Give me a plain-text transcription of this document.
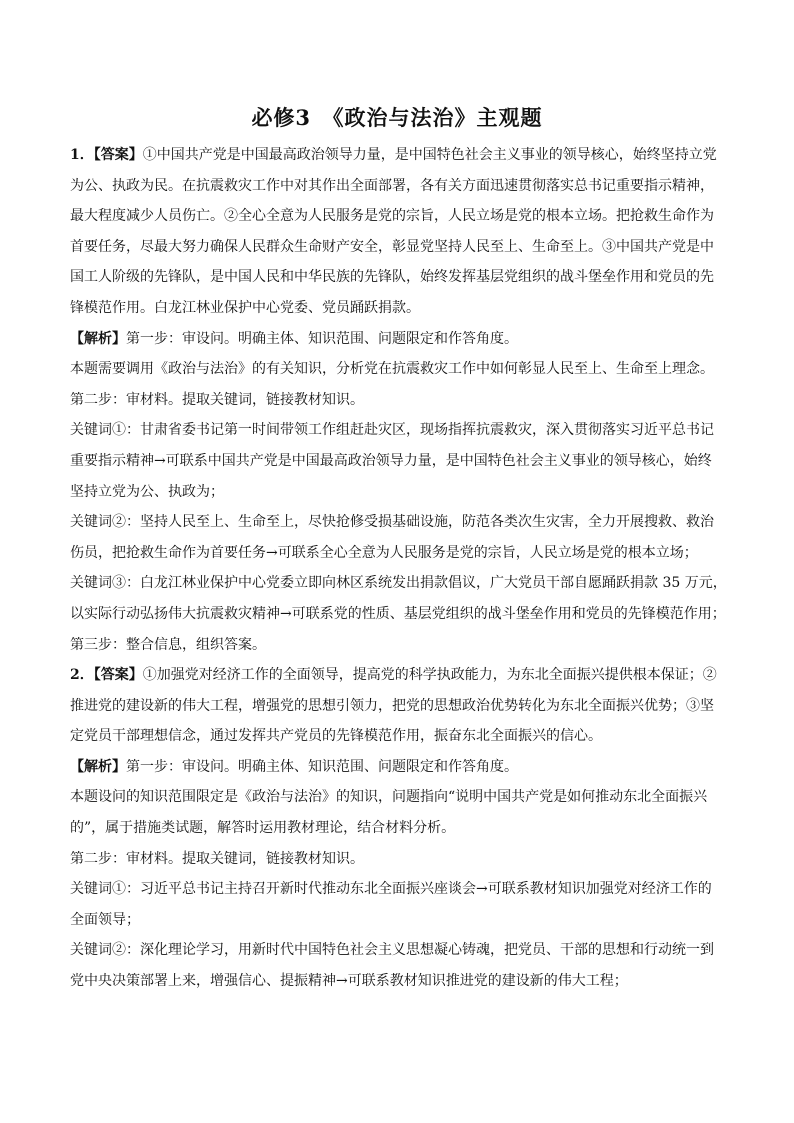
必修3　《政治与法治》主观题

1．【答案】①中国共产党是中国最高政治领导力量，是中国特色社会主义事业的领导核心，始终坚持立党

为公、执政为民。在抗震救灾工作中对其作出全面部署，各有关方面迅速贯彻落实总书记重要指示精神，

最大程度减少人员伤亡。②全心全意为人民服务是党的宗旨，人民立场是党的根本立场。把抢救生命作为

首要任务，尽最大努力确保人民群众生命财产安全，彰显党坚持人民至上、生命至上。③中国共产党是中

国工人阶级的先锋队，是中国人民和中华民族的先锋队，始终发挥基层党组织的战斗堡垒作用和党员的先

锋模范作用。白龙江林业保护中心党委、党员踊跃捐款。

【解析】第一步：审设问。明确主体、知识范围、问题限定和作答角度。

本题需要调用《政治与法治》的有关知识，分析党在抗震救灾工作中如何彰显人民至上、生命至上理念。

第二步：审材料。提取关键词，链接教材知识。

关键词①：甘肃省委书记第一时间带领工作组赶赴灾区，现场指挥抗震救灾，深入贯彻落实习近平总书记

重要指示精神→可联系中国共产党是中国最高政治领导力量，是中国特色社会主义事业的领导核心，始终

坚持立党为公、执政为；

关键词②：坚持人民至上、生命至上，尽快抢修受损基础设施，防范各类次生灾害，全力开展搜救、救治

伤员，把抢救生命作为首要任务→可联系全心全意为人民服务是党的宗旨，人民立场是党的根本立场；

关键词③：白龙江林业保护中心党委立即向林区系统发出捐款倡议，广大党员干部自愿踊跃捐款 35 万元，

以实际行动弘扬伟大抗震救灾精神→可联系党的性质、基层党组织的战斗堡垒作用和党员的先锋模范作用；

第三步：整合信息，组织答案。

2．【答案】①加强党对经济工作的全面领导，提高党的科学执政能力，为东北全面振兴提供根本保证；②

推进党的建设新的伟大工程，增强党的思想引领力，把党的思想政治优势转化为东北全面振兴优势；③坚

定党员干部理想信念，通过发挥共产党员的先锋模范作用，振奋东北全面振兴的信心。

【解析】第一步：审设问。明确主体、知识范围、问题限定和作答角度。

本题设问的知识范围限定是《政治与法治》的知识，问题指向“说明中国共产党是如何推动东北全面振兴

的”，属于措施类试题，解答时运用教材理论，结合材料分析。

第二步：审材料。提取关键词，链接教材知识。

关键词①：习近平总书记主持召开新时代推动东北全面振兴座谈会→可联系教材知识加强党对经济工作的

全面领导；

关键词②：深化理论学习，用新时代中国特色社会主义思想凝心铸魂，把党员、干部的思想和行动统一到

党中央决策部署上来，增强信心、提振精神→可联系教材知识推进党的建设新的伟大工程；
